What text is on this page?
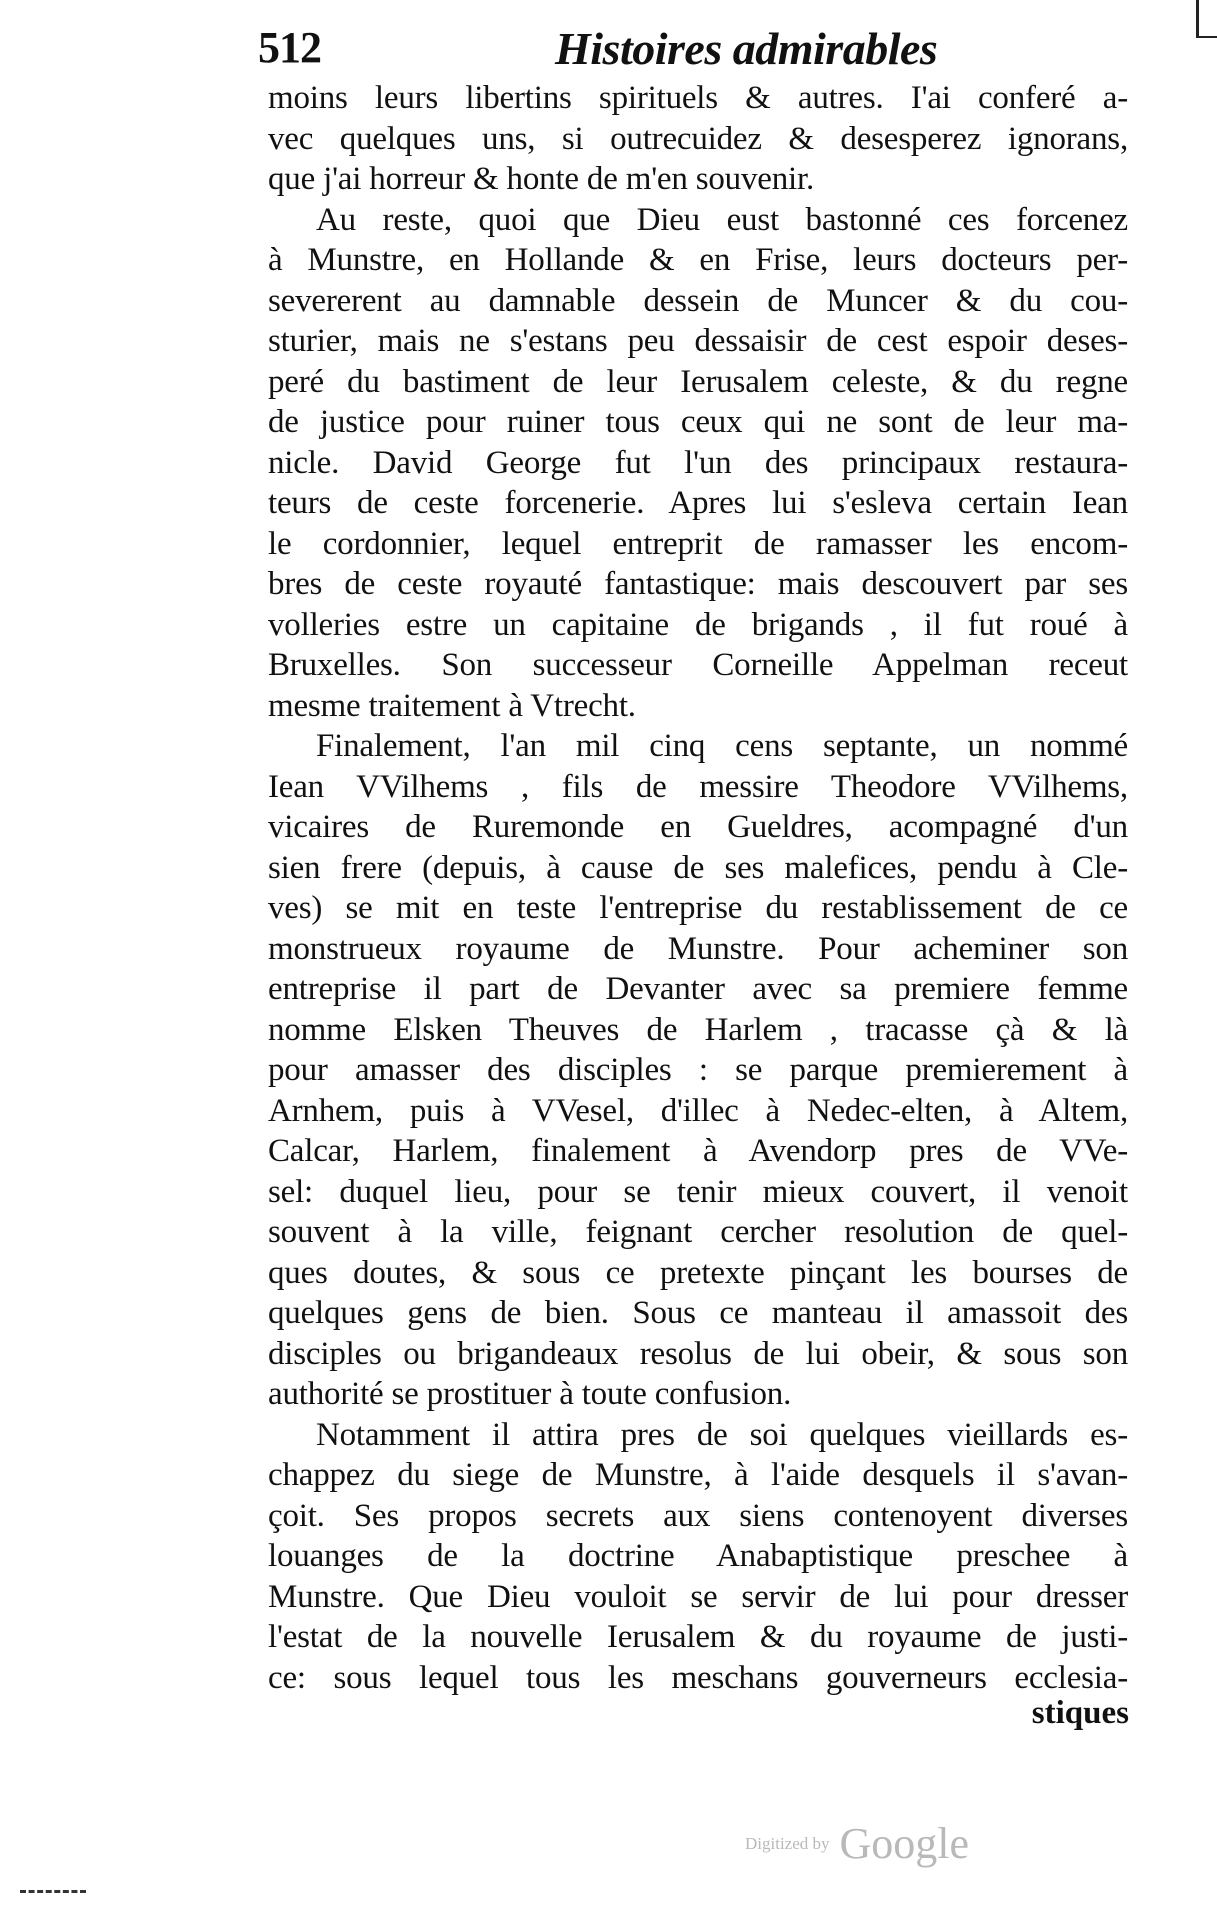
512	Histoires admirables
moins leurs libertins spirituels & autres. I'ai conferé a-
vec quelques uns, si outrecuidez & desesperez ignorans,
que j'ai horreur & honte de m'en souvenir.
Au reste, quoi que Dieu eust bastonné ces forcenez
à Munstre, en Hollande & en Frise, leurs docteurs per-
severerent au damnable dessein de Muncer & du cou-
sturier, mais ne s'estans peu dessaisir de cest espoir deses-
peré du bastiment de leur Ierusalem celeste, & du regne
de justice pour ruiner tous ceux qui ne sont de leur ma-
nicle. David George fut l'un des principaux restaura-
teurs de ceste forcenerie. Apres lui s'esleva certain Iean
le cordonnier, lequel entreprit de ramasser les encom-
bres de ceste royauté fantastique: mais descouvert par ses
volleries estre un capitaine de brigands , il fut roué à
Bruxelles. Son successeur Corneille Appelman receut
mesme traitement à Vtrecht.
Finalement, l'an mil cinq cens septante, un nommé
Iean VVilhems , fils de messire Theodore VVilhems,
vicaires de Ruremonde en Gueldres, acompagné d'un
sien frere (depuis, à cause de ses malefices, pendu à Cle-
ves) se mit en teste l'entreprise du restablissement de ce
monstrueux royaume de Munstre. Pour acheminer son
entreprise il part de Devanter avec sa premiere femme
nomme Elsken Theuves de Harlem , tracasse çà & là
pour amasser des disciples : se parque premierement à
Arnhem, puis à VVesel, d'illec à Nedec-elten, à Altem,
Calcar, Harlem, finalement à Avendorp pres de VVe-
sel: duquel lieu, pour se tenir mieux couvert, il venoit
souvent à la ville, feignant cercher resolution de quel-
ques doutes, & sous ce pretexte pinçant les bourses de
quelques gens de bien. Sous ce manteau il amassoit des
disciples ou brigandeaux resolus de lui obeir, & sous son
authorité se prostituer à toute confusion.
Notamment il attira pres de soi quelques vieillards es-
chappez du siege de Munstre, à l'aide desquels il s'avan-
çoit. Ses propos secrets aux siens contenoyent diverses
louanges de la doctrine Anabaptistique preschee à
Munstre. Que Dieu vouloit se servir de lui pour dresser
l'estat de la nouvelle Ierusalem & du royaume de justi-
ce: sous lequel tous les meschans gouverneurs ecclesia-
stiques
Digitized by Google
